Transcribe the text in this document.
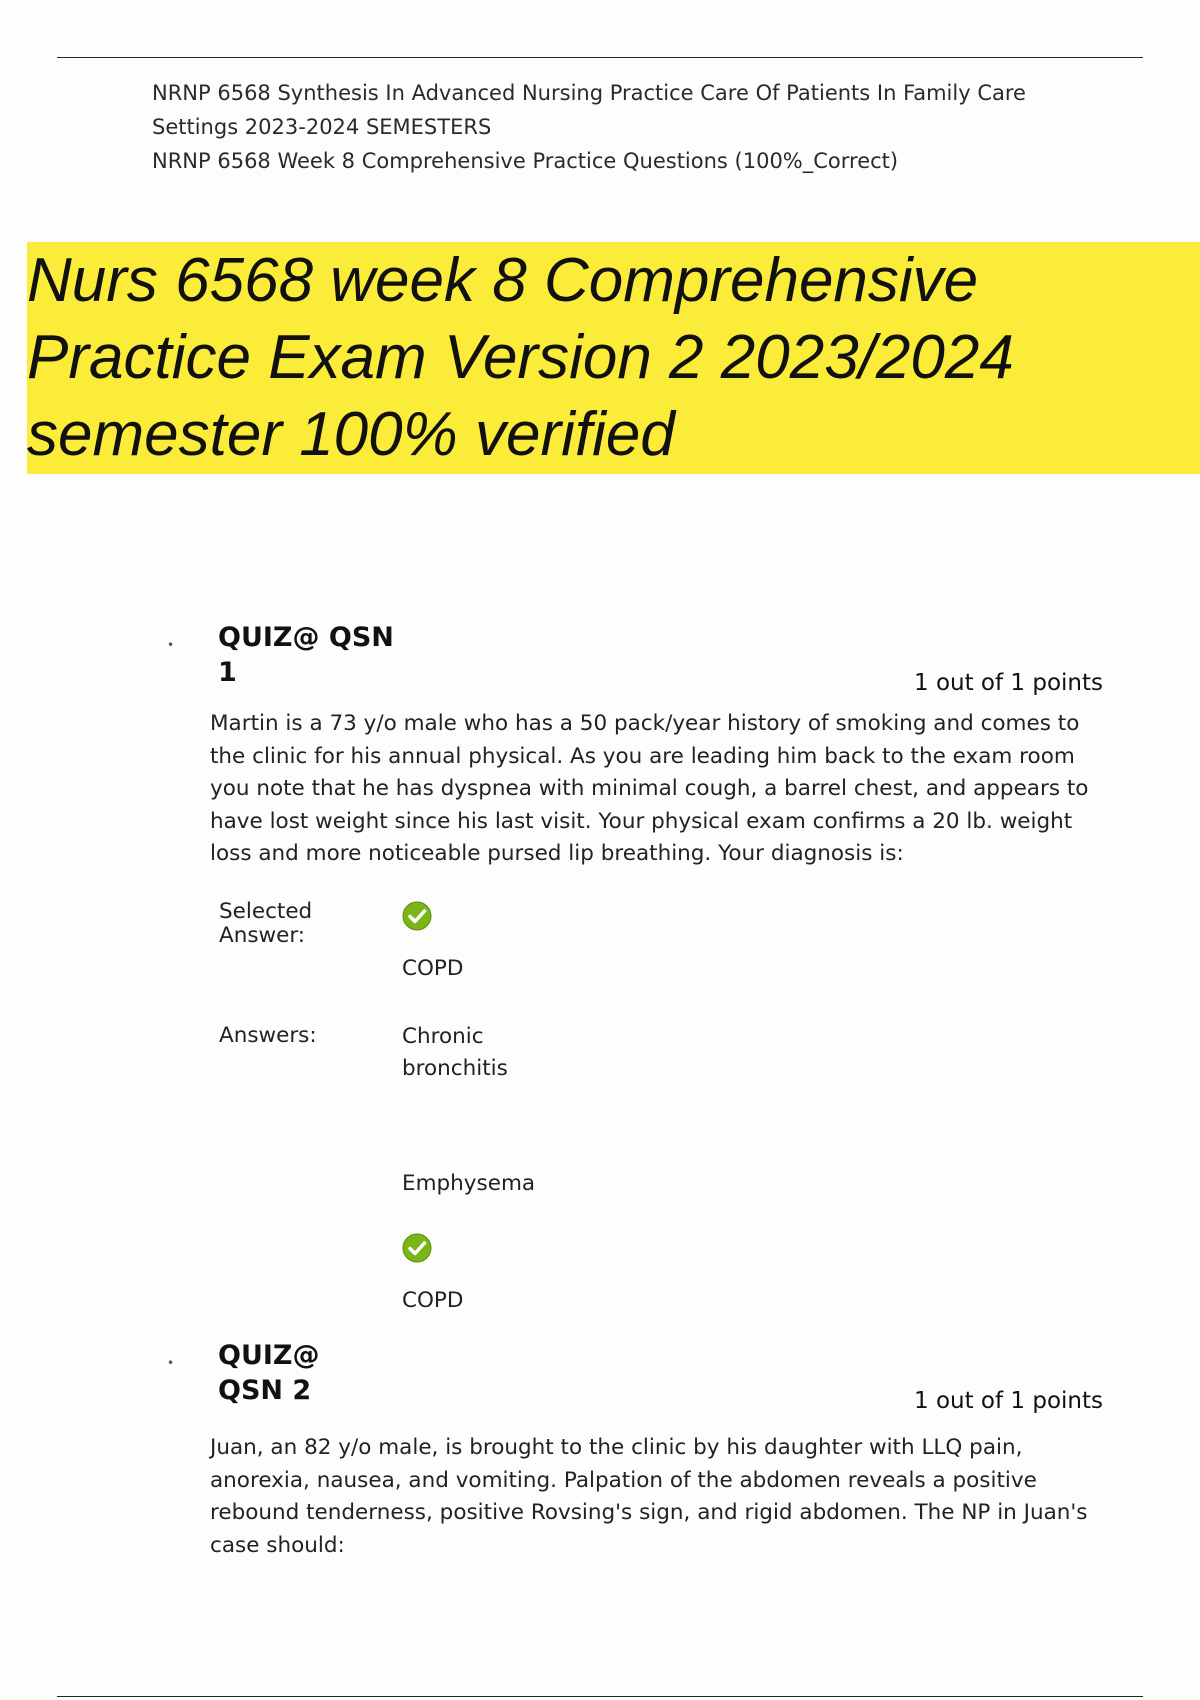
NRNP 6568 Synthesis In Advanced Nursing Practice Care Of Patients In Family Care
Settings 2023-2024 SEMESTERS
NRNP 6568 Week 8 Comprehensive Practice Questions (100%_Correct)
Nurs 6568 week 8 Comprehensive
Practice Exam Version 2 2023/2024
semester 100% verified
• QUIZ@ QSN
1	1 out of 1 points
Martin is a 73 y/o male who has a 50 pack/year history of smoking and comes to the clinic for his annual physical. As you are leading him back to the exam room you note that he has dyspnea with minimal cough, a barrel chest, and appears to have lost weight since his last visit. Your physical exam confirms a 20 lb. weight loss and more noticeable pursed lip breathing. Your diagnosis is:
Selected
Answer:
COPD
Answers:	Chronic
bronchitis
Emphysema
COPD
• QUIZ@
QSN 2	1 out of 1 points
Juan, an 82 y/o male, is brought to the clinic by his daughter with LLQ pain, anorexia, nausea, and vomiting. Palpation of the abdomen reveals a positive rebound tenderness, positive Rovsing's sign, and rigid abdomen. The NP in Juan's case should:
